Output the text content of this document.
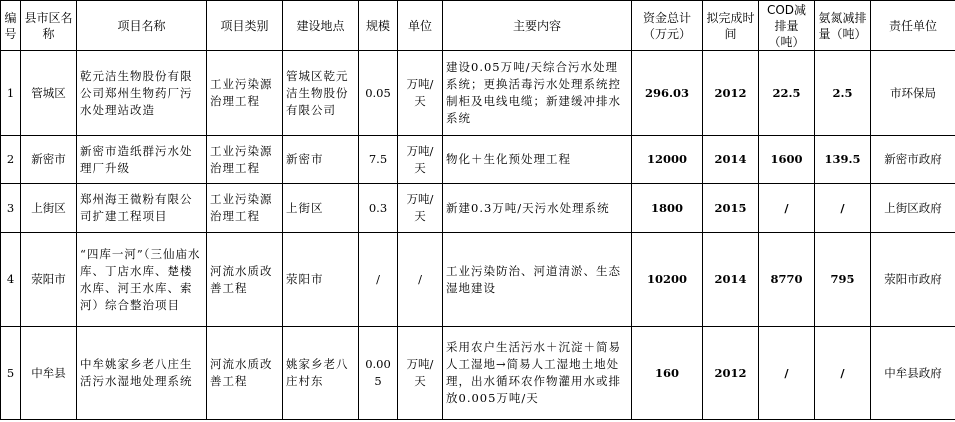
编号	县市区名称	项目名称	项目类别	建设地点	规模	单位	主要内容	资金总计（万元）	拟完成时间	COD减排量（吨）	氨氮减排量（吨）	责任单位
1	管城区	乾元洁生物股份有限公司郑州生物药厂污水处理站改造	工业污染源治理工程	管城区乾元洁生物股份有限公司	0.05	万吨/天	建设0.05万吨/天综合污水处理系统；更换活毒污水处理系统控制柜及电线电缆；新建缓冲排水系统	296.03	2012	22.5	2.5	市环保局
2	新密市	新密市造纸群污水处理厂升级	工业污染源治理工程	新密市	7.5	万吨/天	物化＋生化预处理工程	12000	2014	1600	139.5	新密市政府
3	上街区	郑州海王微粉有限公司扩建工程项目	工业污染源治理工程	上街区	0.3	万吨/天	新建0.3万吨/天污水处理系统	1800	2015	/	/	上街区政府
4	荥阳市	“四库一河”（三仙庙水库、丁店水库、楚楼水库、河王水库、索河）综合整治项目	河流水质改善工程	荥阳市	/	/	工业污染防治、河道清淤、生态湿地建设	10200	2014	8770	795	荥阳市政府
5	中牟县	中牟姚家乡老八庄生活污水湿地处理系统	河流水质改善工程	姚家乡老八庄村东	0.005	万吨/天	采用农户生活污水＋沉淀＋简易人工湿地→简易人工湿地土地处理，出水循环农作物灌用水或排放0.005万吨/天	160	2012	/	/	中牟县政府
